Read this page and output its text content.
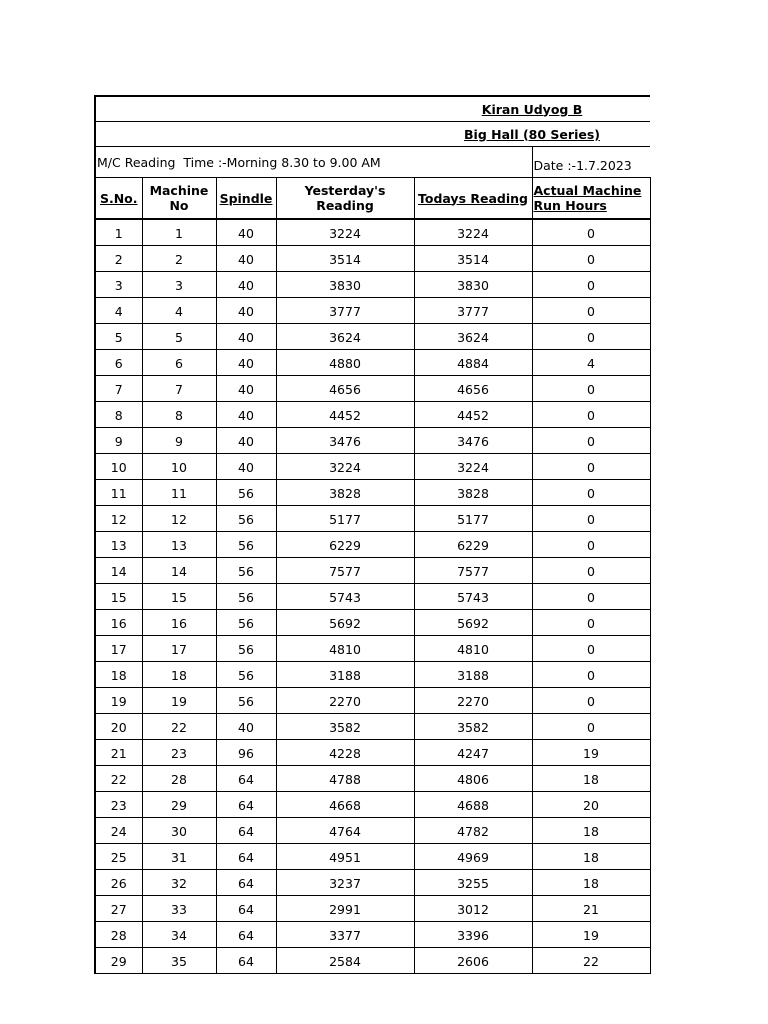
				Kiran Udyog B	
				Big Hall (80 Series)	
M/C Reading  Time :-Morning 8.30 to 9.00 AM					Date :-1.7.2023
S.No.	Machine No	Spindle	Yesterday's Reading	Todays Reading	Actual Machine Run Hours
1	1	40	3224	3224	0
2	2	40	3514	3514	0
3	3	40	3830	3830	0
4	4	40	3777	3777	0
5	5	40	3624	3624	0
6	6	40	4880	4884	4
7	7	40	4656	4656	0
8	8	40	4452	4452	0
9	9	40	3476	3476	0
10	10	40	3224	3224	0
11	11	56	3828	3828	0
12	12	56	5177	5177	0
13	13	56	6229	6229	0
14	14	56	7577	7577	0
15	15	56	5743	5743	0
16	16	56	5692	5692	0
17	17	56	4810	4810	0
18	18	56	3188	3188	0
19	19	56	2270	2270	0
20	22	40	3582	3582	0
21	23	96	4228	4247	19
22	28	64	4788	4806	18
23	29	64	4668	4688	20
24	30	64	4764	4782	18
25	31	64	4951	4969	18
26	32	64	3237	3255	18
27	33	64	2991	3012	21
28	34	64	3377	3396	19
29	35	64	2584	2606	22
